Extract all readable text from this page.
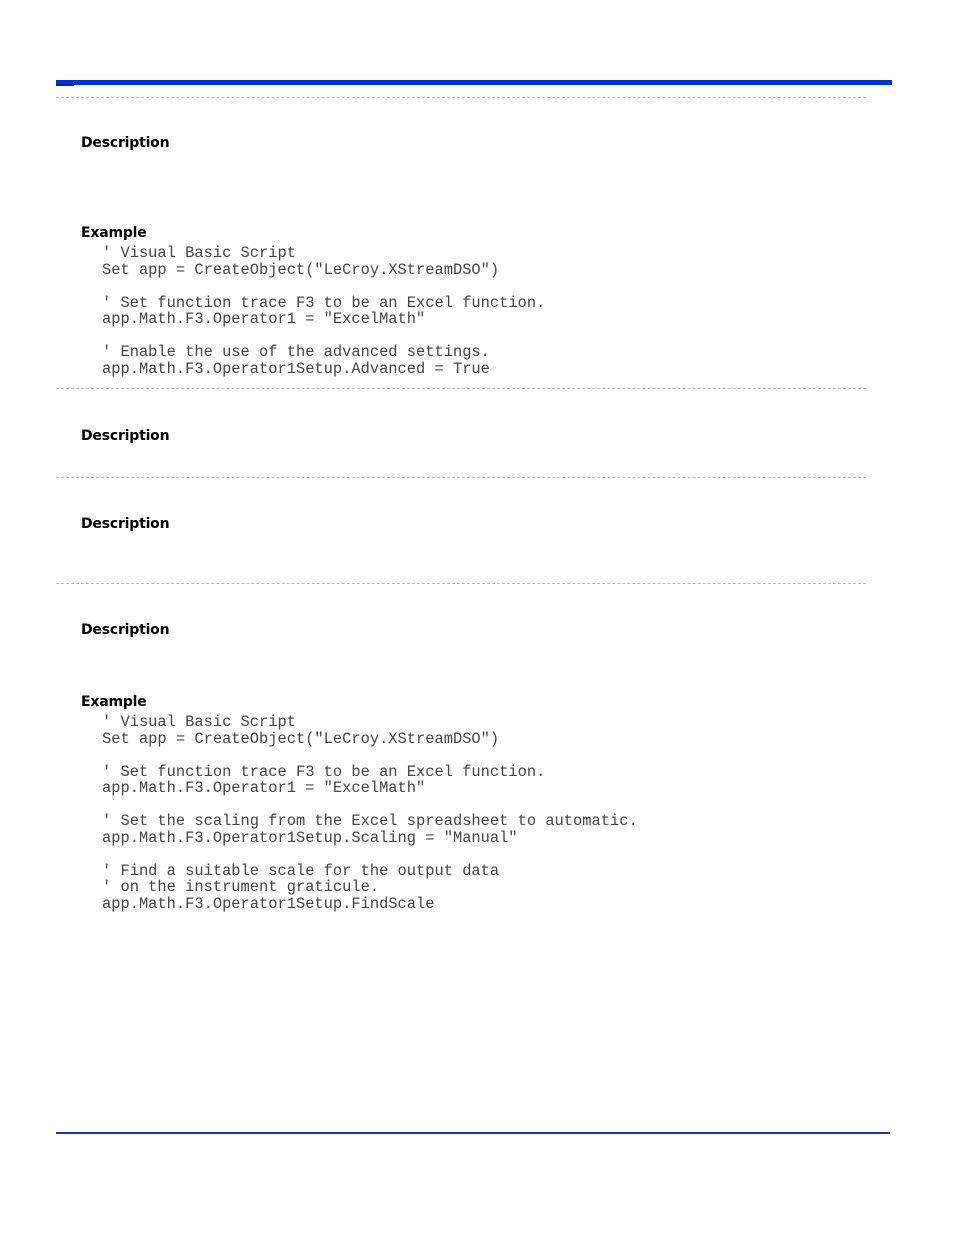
Description
Example
' Visual Basic Script
Set app = CreateObject("LeCroy.XStreamDSO")

' Set function trace F3 to be an Excel function.
app.Math.F3.Operator1 = "ExcelMath"

' Enable the use of the advanced settings.
app.Math.F3.Operator1Setup.Advanced = True
Description
Description
Description
Example
' Visual Basic Script
Set app = CreateObject("LeCroy.XStreamDSO")

' Set function trace F3 to be an Excel function.
app.Math.F3.Operator1 = "ExcelMath"

' Set the scaling from the Excel spreadsheet to automatic.
app.Math.F3.Operator1Setup.Scaling = "Manual"

' Find a suitable scale for the output data
' on the instrument graticule.
app.Math.F3.Operator1Setup.FindScale
